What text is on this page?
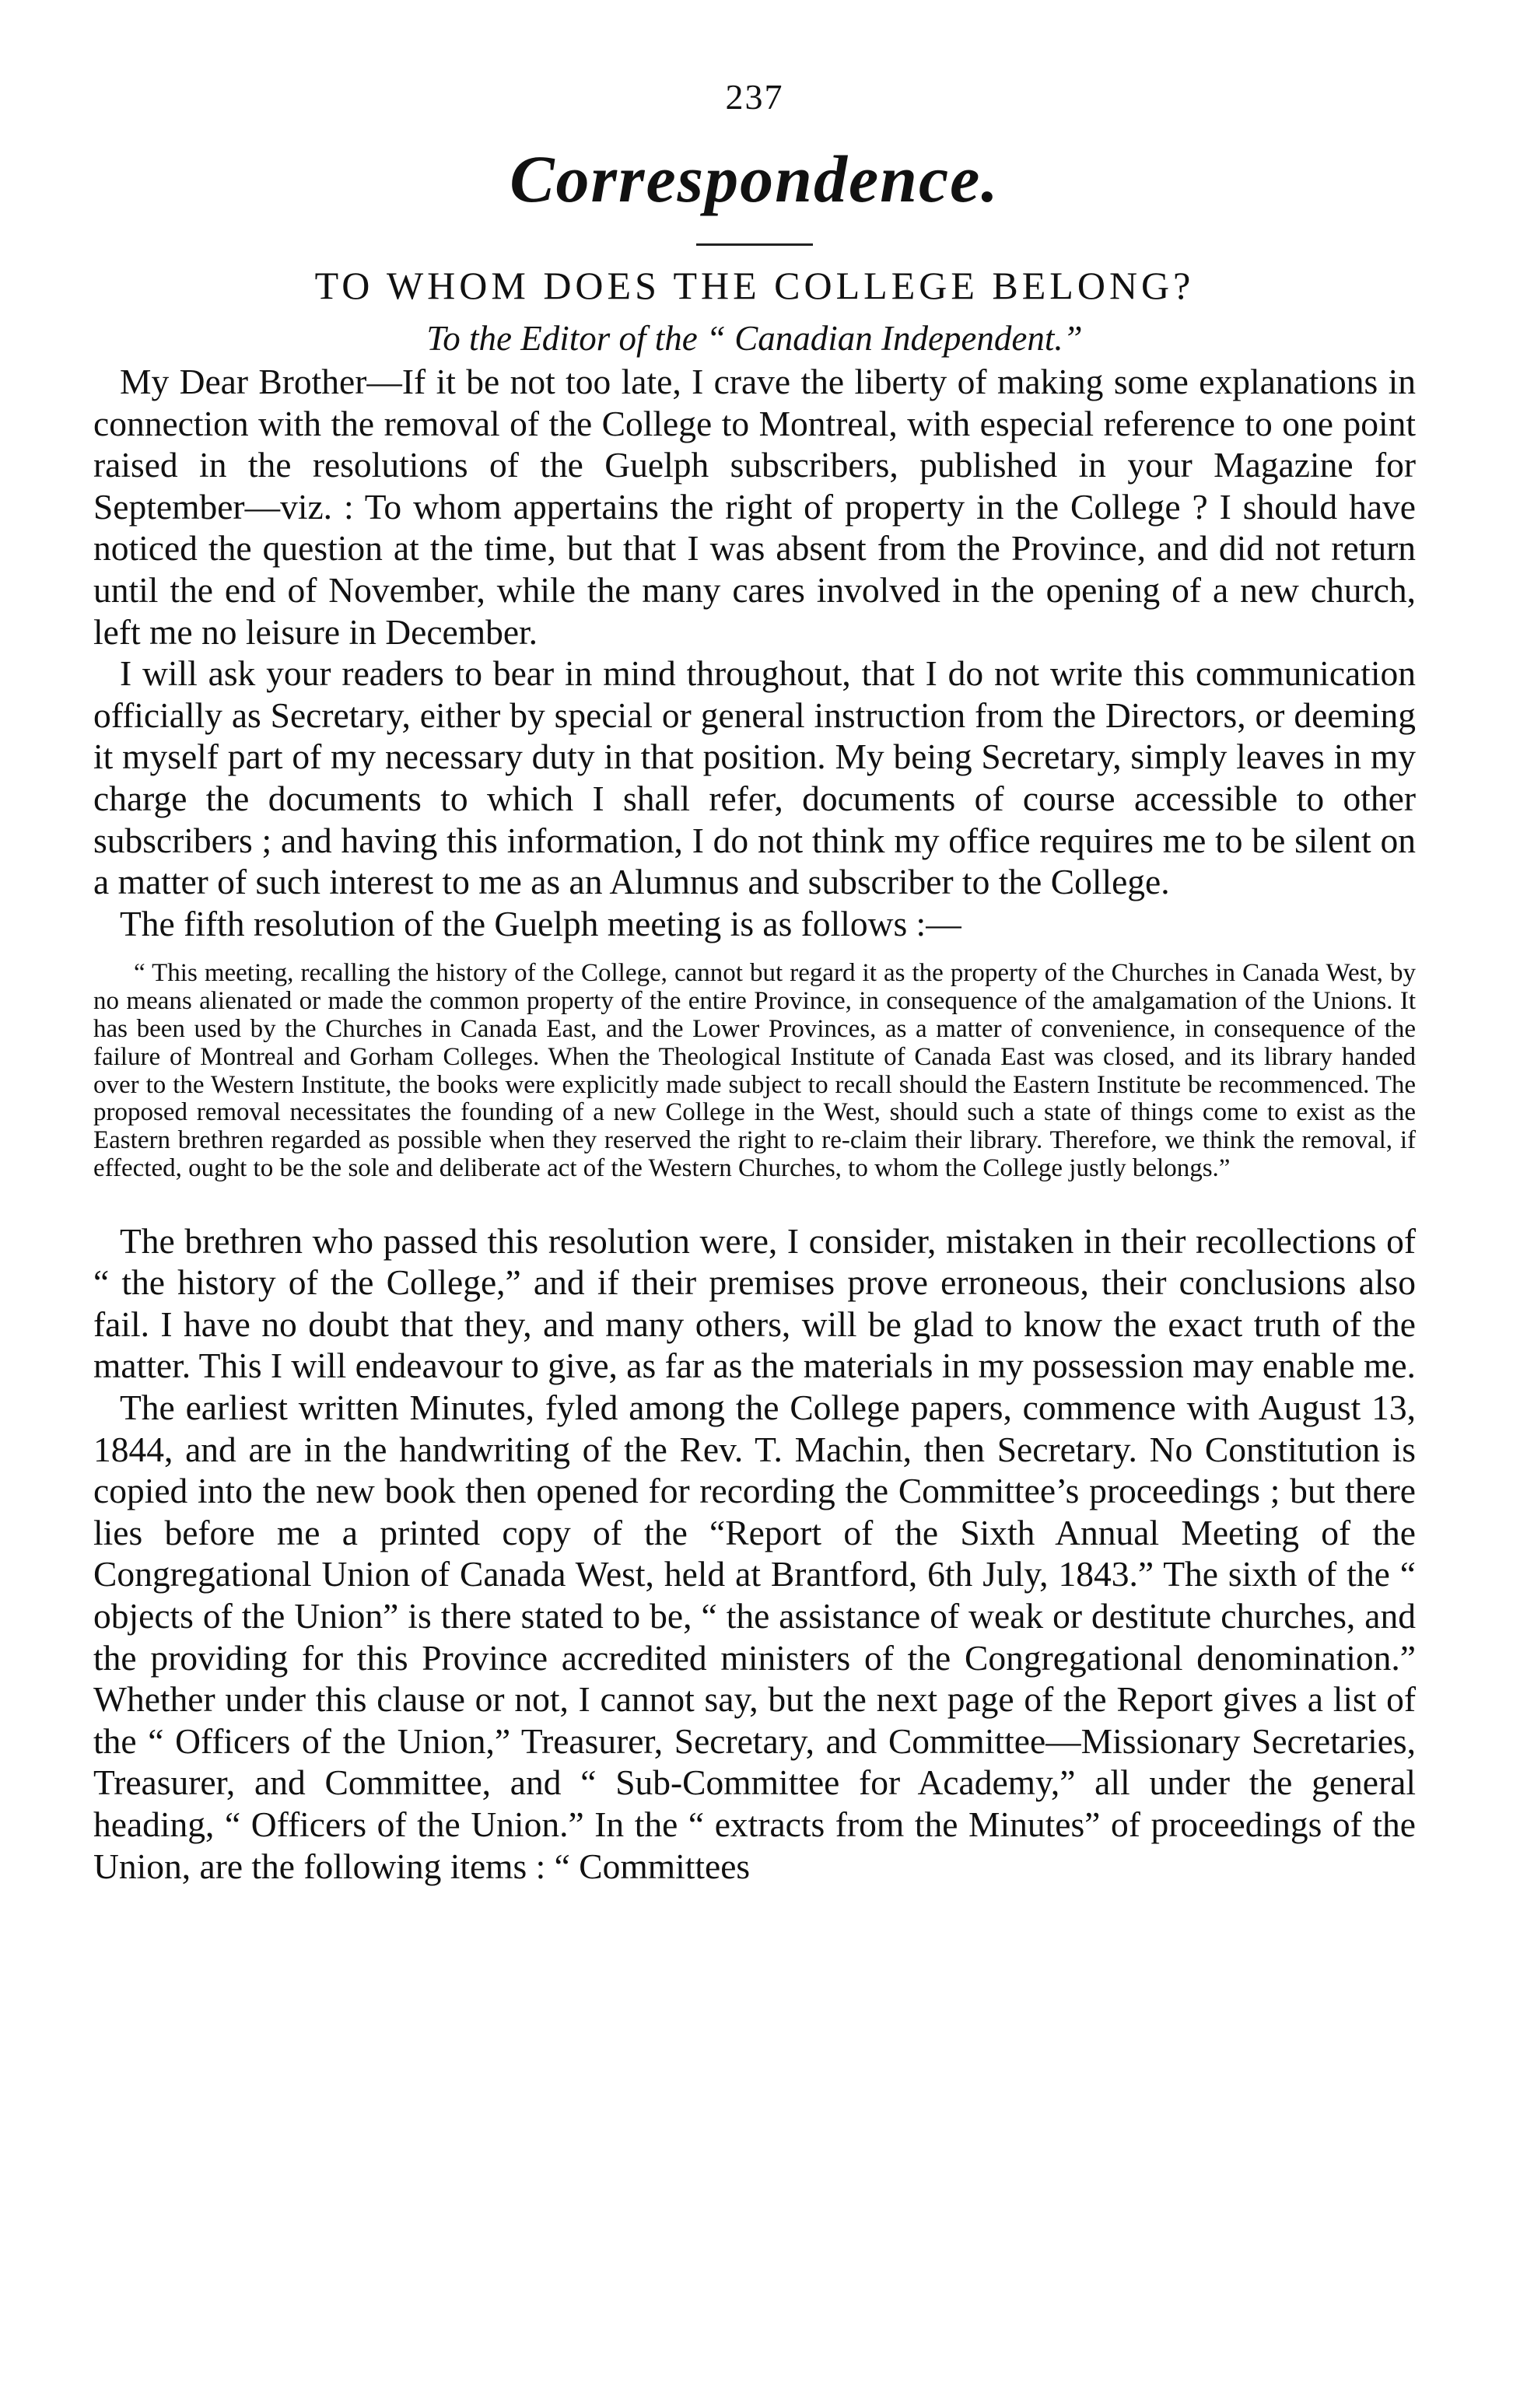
237
Correspondence.
TO WHOM DOES THE COLLEGE BELONG?
To the Editor of the “ Canadian Independent.”

My Dear Brother—If it be not too late, I crave the liberty of making some explanations in connection with the removal of the College to Montreal, with especial reference to one point raised in the resolutions of the Guelph subscribers, published in your Magazine for September—viz. : To whom appertains the right of property in the College ? I should have noticed the question at the time, but that I was absent from the Province, and did not return until the end of November, while the many cares involved in the opening of a new church, left me no leisure in December.

I will ask your readers to bear in mind throughout, that I do not write this communication officially as Secretary, either by special or general instruction from the Directors, or deeming it myself part of my necessary duty in that position. My being Secretary, simply leaves in my charge the documents to which I shall refer, documents of course accessible to other subscribers ; and having this information, I do not think my office requires me to be silent on a matter of such interest to me as an Alumnus and subscriber to the College.

The fifth resolution of the Guelph meeting is as follows :—

“ This meeting, recalling the history of the College, cannot but regard it as the property of the Churches in Canada West, by no means alienated or made the common property of the entire Province, in consequence of the amalgamation of the Unions. It has been used by the Churches in Canada East, and the Lower Provinces, as a matter of convenience, in consequence of the failure of Montreal and Gorham Colleges. When the Theological Institute of Canada East was closed, and its library handed over to the Western Institute, the books were explicitly made subject to recall should the Eastern Institute be recommenced. The proposed removal necessitates the founding of a new College in the West, should such a state of things come to exist as the Eastern brethren regarded as possible when they reserved the right to re-claim their library. Therefore, we think the removal, if effected, ought to be the sole and deliberate act of the Western Churches, to whom the College justly belongs.”

The brethren who passed this resolution were, I consider, mistaken in their recollections of “ the history of the College,” and if their premises prove erroneous, their conclusions also fail. I have no doubt that they, and many others, will be glad to know the exact truth of the matter. This I will endeavour to give, as far as the materials in my possession may enable me.

The earliest written Minutes, fyled among the College papers, commence with August 13, 1844, and are in the handwriting of the Rev. T. Machin, then Secretary. No Constitution is copied into the new book then opened for recording the Committee’s proceedings ; but there lies before me a printed copy of the “Report of the Sixth Annual Meeting of the Congregational Union of Canada West, held at Brantford, 6th July, 1843.” The sixth of the “ objects of the Union” is there stated to be, “ the assistance of weak or destitute churches, and the providing for this Province accredited ministers of the Congregational denomination.” Whether under this clause or not, I cannot say, but the next page of the Report gives a list of the “ Officers of the Union,” Treasurer, Secretary, and Committee—Missionary Secretaries, Treasurer, and Committee, and “ Sub-Committee for Academy,” all under the general heading, “ Officers of the Union.” In the “ extracts from the Minutes” of proceedings of the Union, are the following items : “ Committees
